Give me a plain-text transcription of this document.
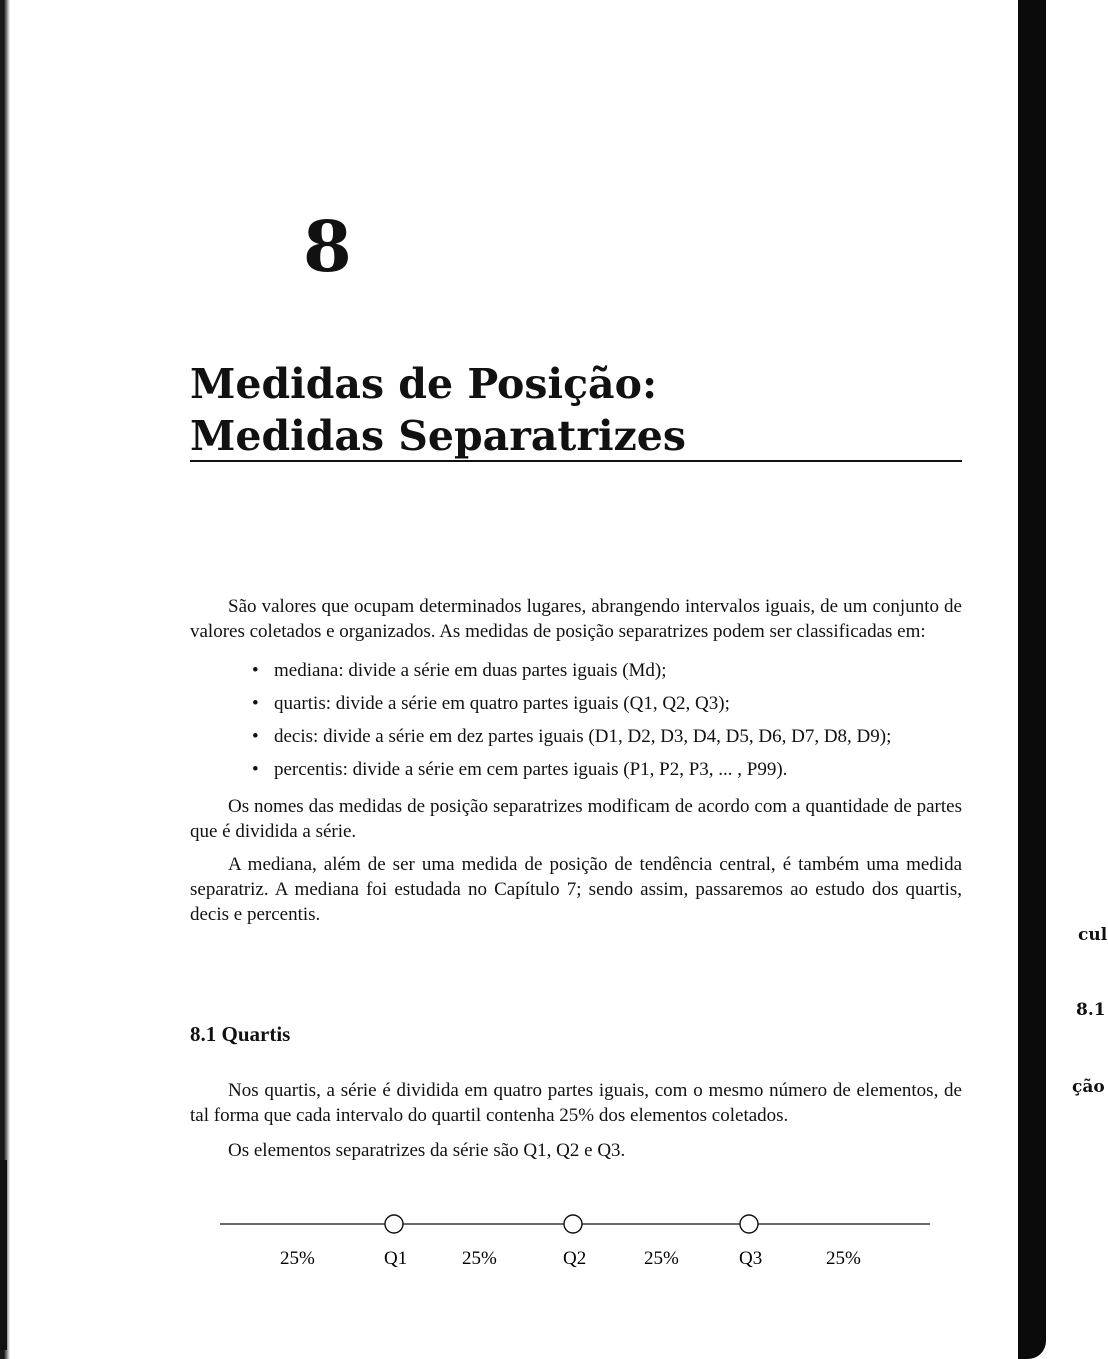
cul
8.1
ção
8
Medidas de Posição:
Medidas Separatrizes

São valores que ocupam determinados lugares, abrangendo intervalos iguais, de um conjunto de valores coletados e organizados. As medidas de posição separatrizes podem ser classificadas em:

• mediana: divide a série em duas partes iguais (Md);
• quartis: divide a série em quatro partes iguais (Q1, Q2, Q3);
• decis: divide a série em dez partes iguais (D1, D2, D3, D4, D5, D6, D7, D8, D9);
• percentis: divide a série em cem partes iguais (P1, P2, P3, ... , P99).

Os nomes das medidas de posição separatrizes modificam de acordo com a quantidade de partes que é dividida a série.

A mediana, além de ser uma medida de posição de tendência central, é também uma medida separatriz. A mediana foi estudada no Capítulo 7; sendo assim, passaremos ao estudo dos quartis, decis e percentis.

8.1 Quartis

Nos quartis, a série é dividida em quatro partes iguais, com o mesmo número de elementos, de tal forma que cada intervalo do quartil contenha 25% dos elementos coletados.

Os elementos separatrizes da série são Q1, Q2 e Q3.

25%	Q1	25%	Q2	25%	Q3	25%
